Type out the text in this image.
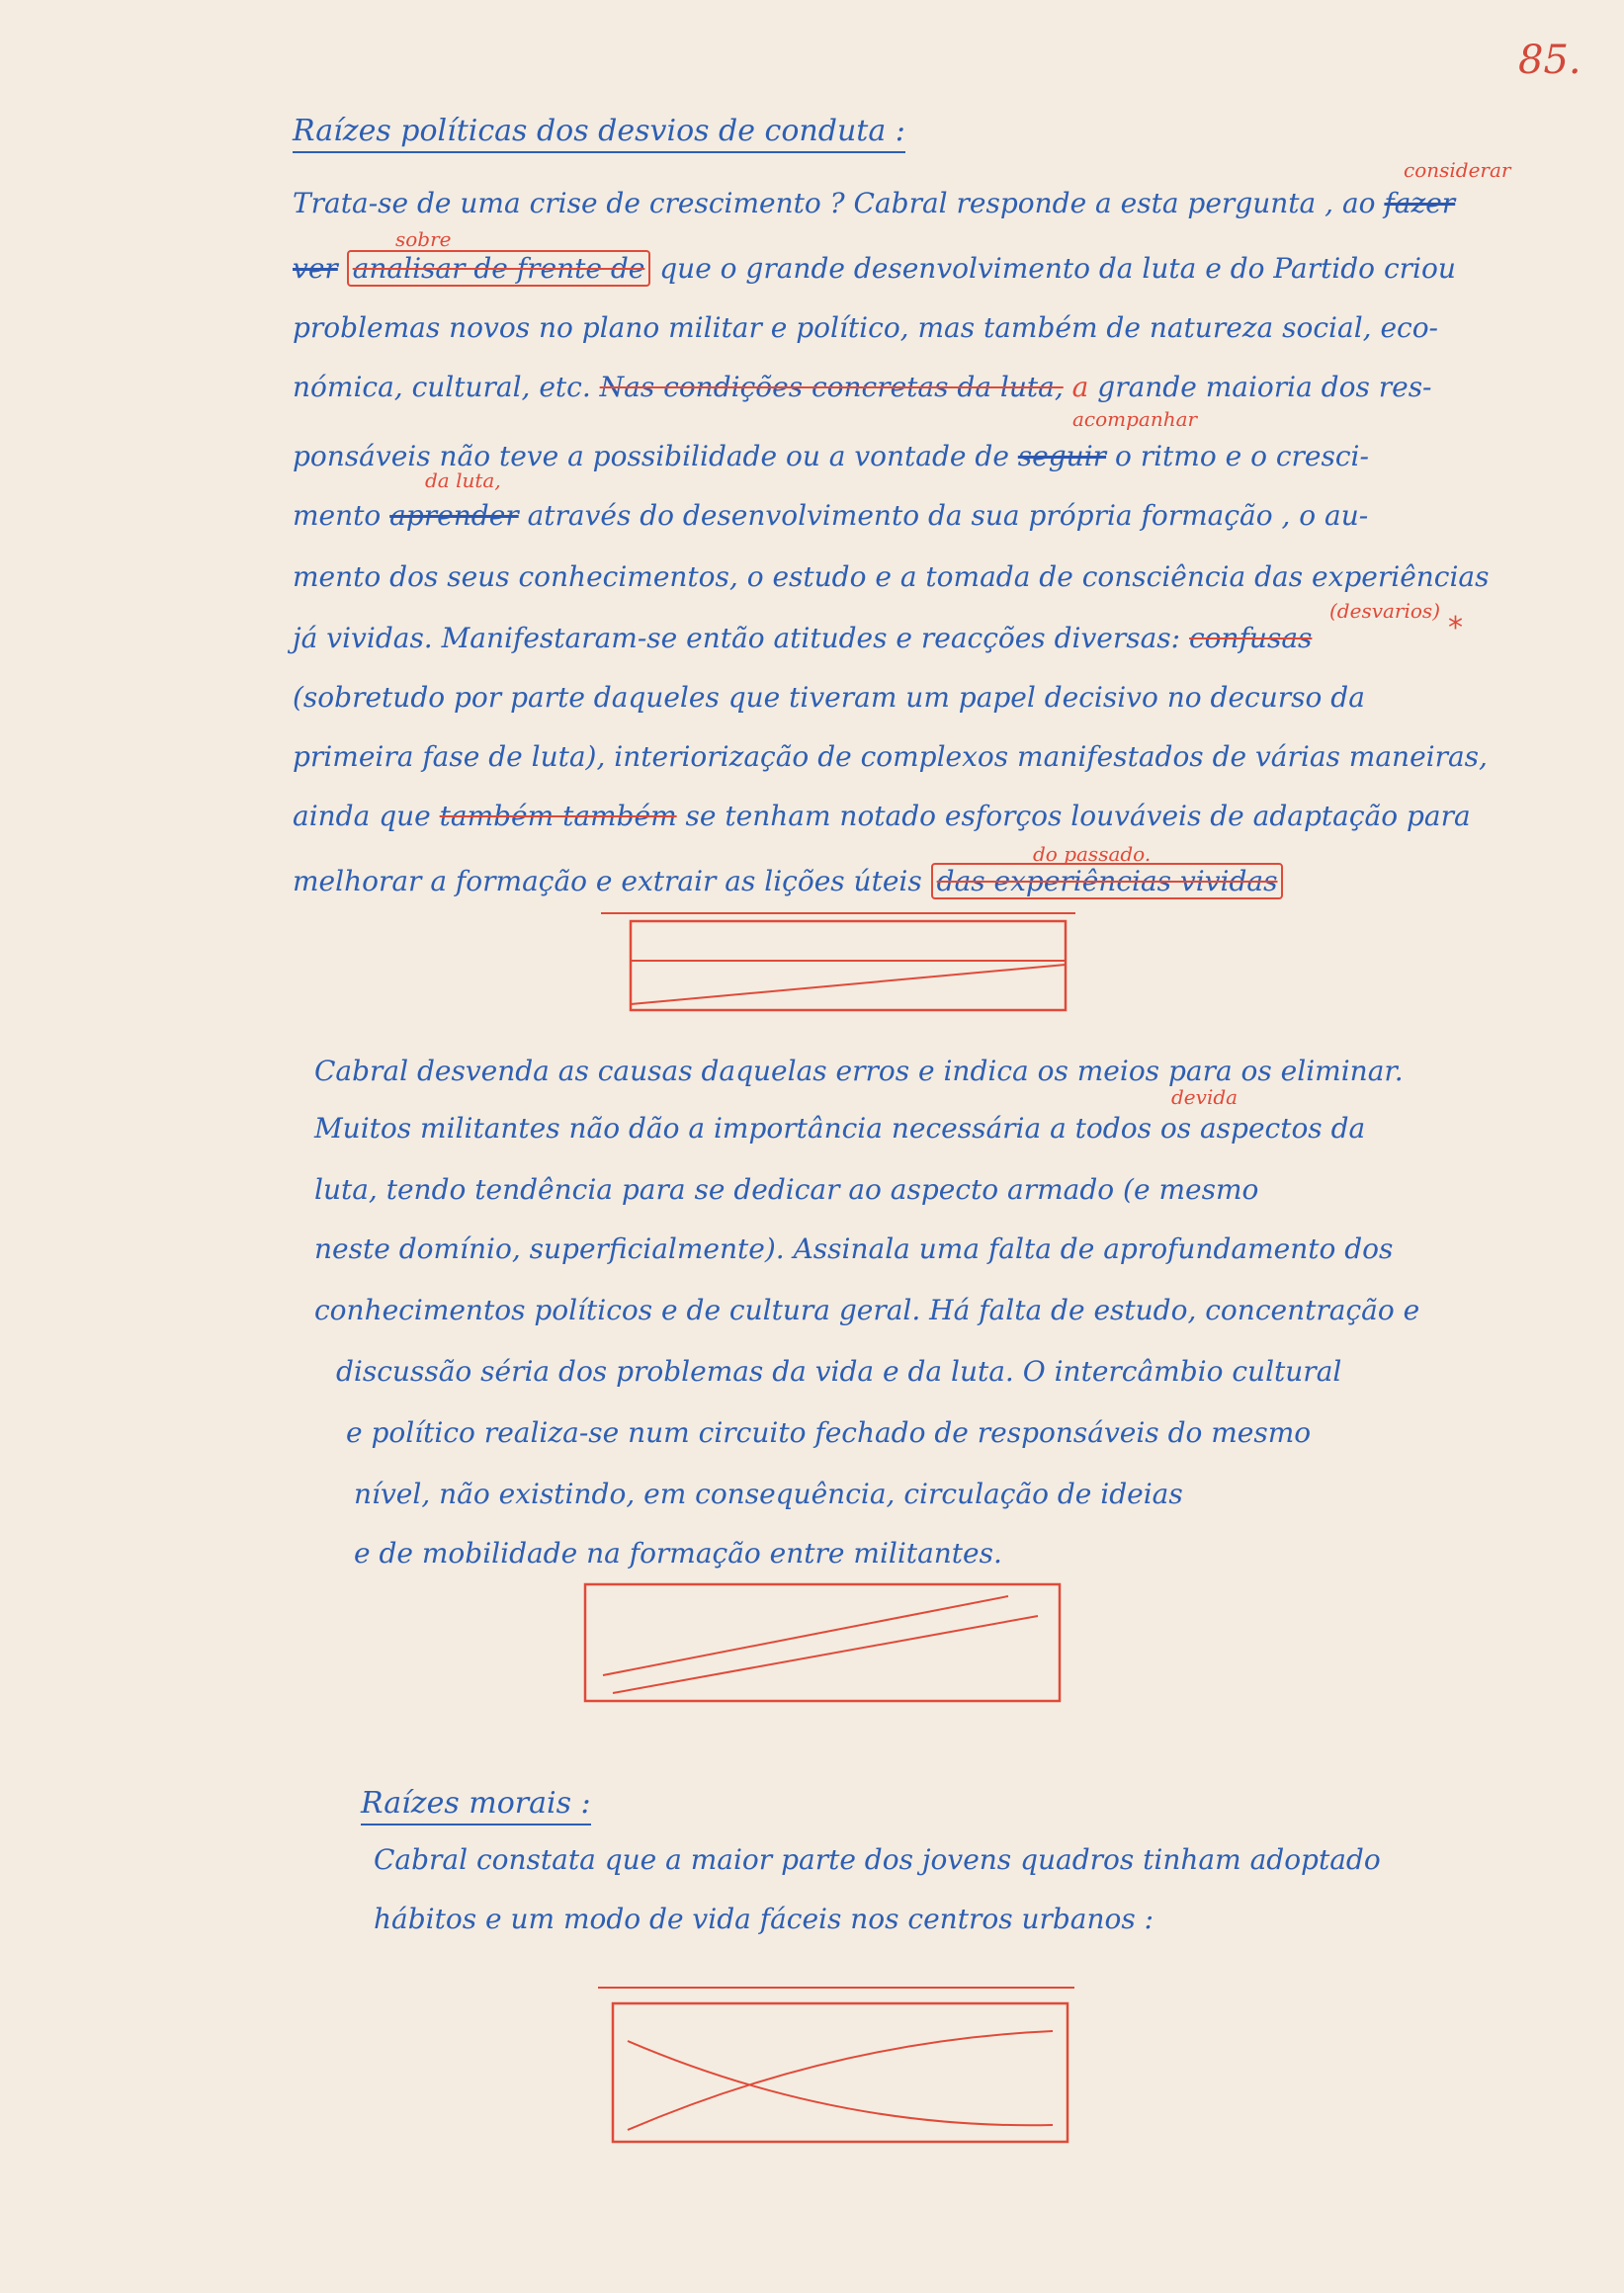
85.
Raízes políticas dos desvios de conduta :
considerar
Trata-se de uma crise de crescimento ? Cabral responde a esta pergunta , ao fazer
sobre
ver analisar de frente de que o grande desenvolvimento da luta e do Partido criou
problemas novos no plano militar e político, mas também de natureza social, eco-
nómica, cultural, etc. Nas condições concretas da luta, a grande maioria dos res-
acompanhar
ponsáveis não teve a possibilidade ou a vontade de seguir o ritmo e o cresci-
da luta,
mento aprender através do desenvolvimento da sua própria formação , o au-
mento dos seus conhecimentos, o estudo e a tomada de consciência das experiências
(desvarios) *
já vividas. Manifestaram-se então atitudes e reacções diversas: confusas
(sobretudo por parte daqueles que tiveram um papel decisivo no decurso da
primeira fase de luta), interiorização de complexos manifestados de várias maneiras,
ainda que também também se tenham notado esforços louváveis de adaptação para
do passado.
melhorar a formação e extrair as lições úteis das experiências vividas
Cabral desvenda as causas daquelas erros e indica os meios para os eliminar.
devida
Muitos militantes não dão a importância necessária a todos os aspectos da
luta, tendo tendência para se dedicar ao aspecto armado (e mesmo
neste domínio, superficialmente). Assinala uma falta de aprofundamento dos
conhecimentos políticos e de cultura geral. Há falta de estudo, concentração e
discussão séria dos problemas da vida e da luta. O intercâmbio cultural
e político realiza-se num circuito fechado de responsáveis do mesmo
nível, não existindo, em consequência, circulação de ideias
e de mobilidade na formação entre militantes.
Raízes morais :
Cabral constata que a maior parte dos jovens quadros tinham adoptado
hábitos e um modo de vida fáceis nos centros urbanos :
